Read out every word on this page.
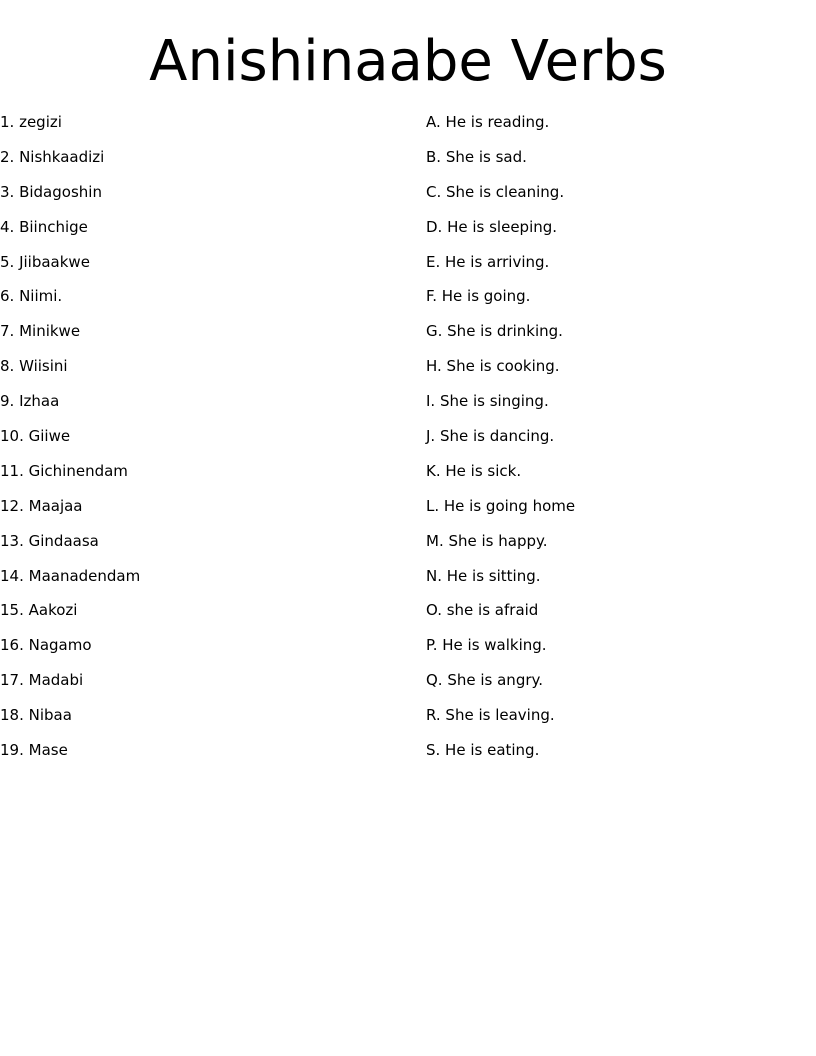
Anishinaabe Verbs
1. zegizi
2. Nishkaadizi
3. Bidagoshin
4. Biinchige
5. Jiibaakwe
6. Niimi.
7. Minikwe
8. Wiisini
9. Izhaa
10. Giiwe
11. Gichinendam
12. Maajaa
13. Gindaasa
14. Maanadendam
15. Aakozi
16. Nagamo
17. Madabi
18. Nibaa
19. Mase
A. He is reading.
B. She is sad.
C. She is cleaning.
D. He is sleeping.
E. He is arriving.
F. He is going.
G. She is drinking.
H. She is cooking.
I. She is singing.
J. She is dancing.
K. He is sick.
L. He is going home
M. She is happy.
N. He is sitting.
O. she is afraid
P. He is walking.
Q. She is angry.
R. She is leaving.
S. He is eating.
